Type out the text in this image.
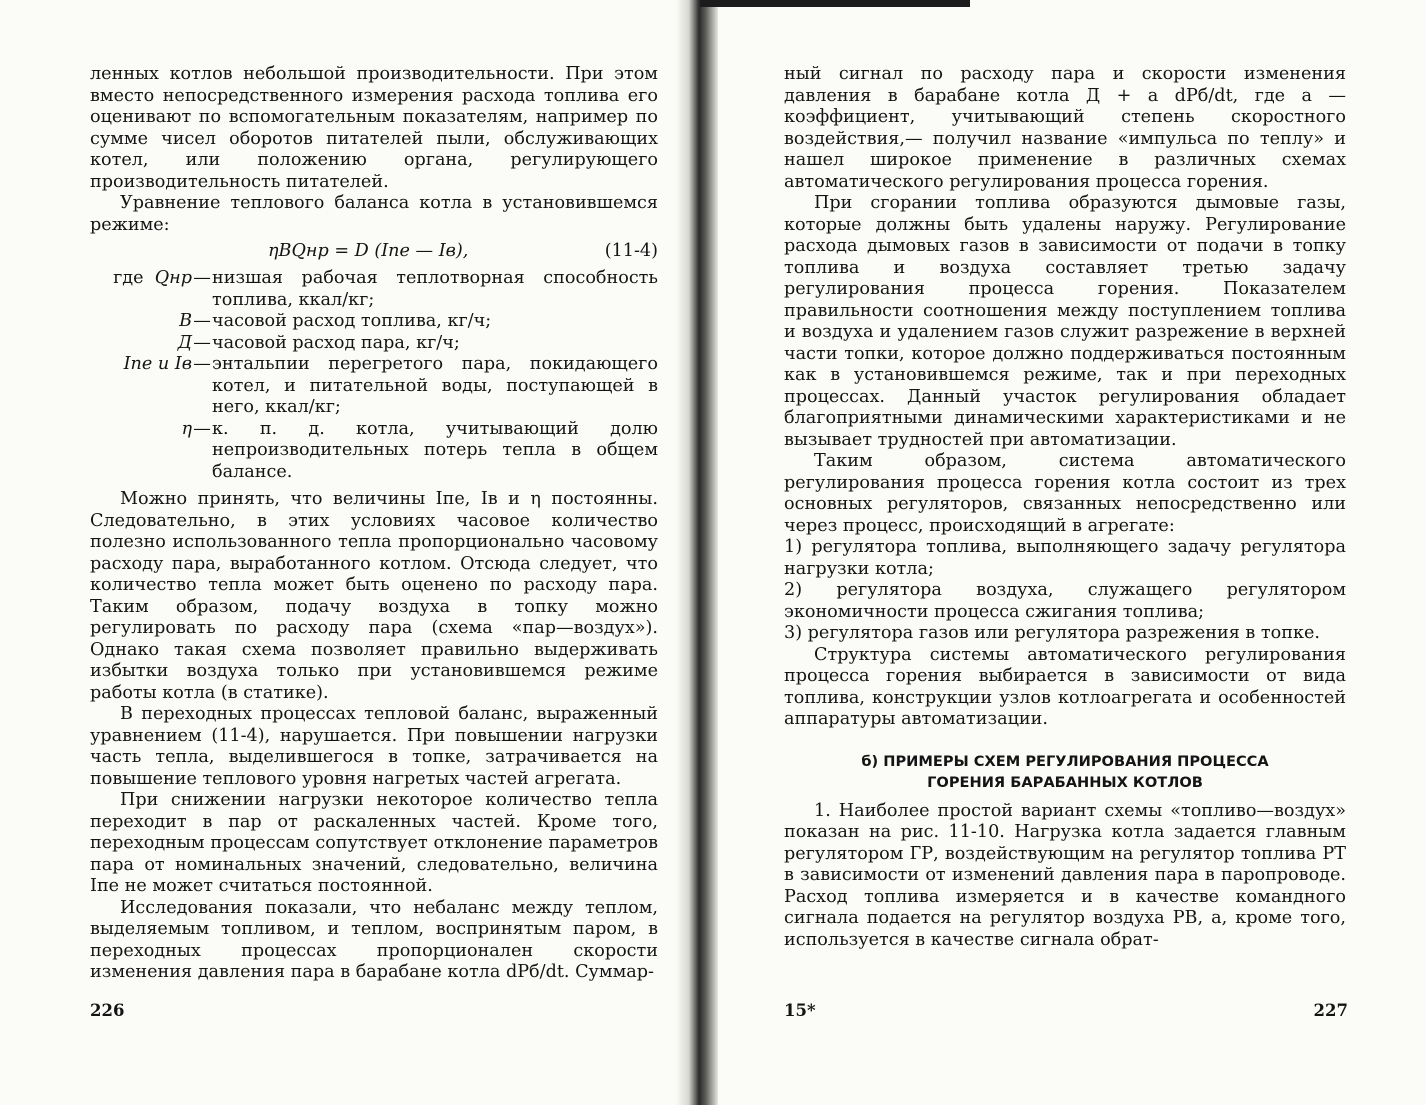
ленных котлов небольшой производительности. При этом вместо непосредственного измерения расхода топлива его оценивают по вспомогательным показателям, например по сумме чисел оборотов питателей пыли, обслуживающих котел, или положению органа, регулирующего производительность питателей.

Уравнение теплового баланса котла в установившемся режиме:

ηBQнр = D (Iпе — Iв),	(11-4)
где Qнр — низшая рабочая теплотворная способность топлива, ккал/кг;
B — часовой расход топлива, кг/ч;
Д — часовой расход пара, кг/ч;
Iпе и Iв — энтальпии перегретого пара, покидающего котел, и питательной воды, поступающей в него, ккал/кг;
η — к. п. д. котла, учитывающий долю непроизводительных потерь тепла в общем балансе.

Можно принять, что величины Iпе, Iв и η постоянны. Следовательно, в этих условиях часовое количество полезно использованного тепла пропорционально часовому расходу пара, выработанного котлом. Отсюда следует, что количество тепла может быть оценено по расходу пара. Таким образом, подачу воздуха в топку можно регулировать по расходу пара (схема «пар—воздух»). Однако такая схема позволяет правильно выдерживать избытки воздуха только при установившемся режиме работы котла (в статике).

В переходных процессах тепловой баланс, выраженный уравнением (11-4), нарушается. При повышении нагрузки часть тепла, выделившегося в топке, затрачивается на повышение теплового уровня нагретых частей агрегата.

При снижении нагрузки некоторое количество тепла переходит в пар от раскаленных частей. Кроме того, переходным процессам сопутствует отклонение параметров пара от номинальных значений, следовательно, величина Iпе не может считаться постоянной.

Исследования показали, что небаланс между теплом, выделяемым топливом, и теплом, воспринятым паром, в переходных процессах пропорционален скорости изменения давления пара в барабане котла dPб/dt. Суммар-

226

ный сигнал по расходу пара и скорости изменения давления в барабане котла Д + a dPб/dt, где a — коэффициент, учитывающий степень скоростного воздействия,— получил название «импульса по теплу» и нашел широкое применение в различных схемах автоматического регулирования процесса горения.

При сгорании топлива образуются дымовые газы, которые должны быть удалены наружу. Регулирование расхода дымовых газов в зависимости от подачи в топку топлива и воздуха составляет третью задачу регулирования процесса горения. Показателем правильности соотношения между поступлением топлива и воздуха и удалением газов служит разрежение в верхней части топки, которое должно поддерживаться постоянным как в установившемся режиме, так и при переходных процессах. Данный участок регулирования обладает благоприятными динамическими характеристиками и не вызывает трудностей при автоматизации.

Таким образом, система автоматического регулирования процесса горения котла состоит из трех основных регуляторов, связанных непосредственно или через процесс, происходящий в агрегате:

1) регулятора топлива, выполняющего задачу регулятора нагрузки котла;

2) регулятора воздуха, служащего регулятором экономичности процесса сжигания топлива;

3) регулятора газов или регулятора разрежения в топке.

Структура системы автоматического регулирования процесса горения выбирается в зависимости от вида топлива, конструкции узлов котлоагрегата и особенностей аппаратуры автоматизации.

б) ПРИМЕРЫ СХЕМ РЕГУЛИРОВАНИЯ ПРОЦЕССА
ГОРЕНИЯ БАРАБАННЫХ КОТЛОВ

1. Наиболее простой вариант схемы «топливо—воздух» показан на рис. 11-10. Нагрузка котла задается главным регулятором ГР, воздействующим на регулятор топлива РТ в зависимости от изменений давления пара в паропроводе. Расход топлива измеряется и в качестве командного сигнала подается на регулятор воздуха РВ, а, кроме того, используется в качестве сигнала обрат-

15*	227
